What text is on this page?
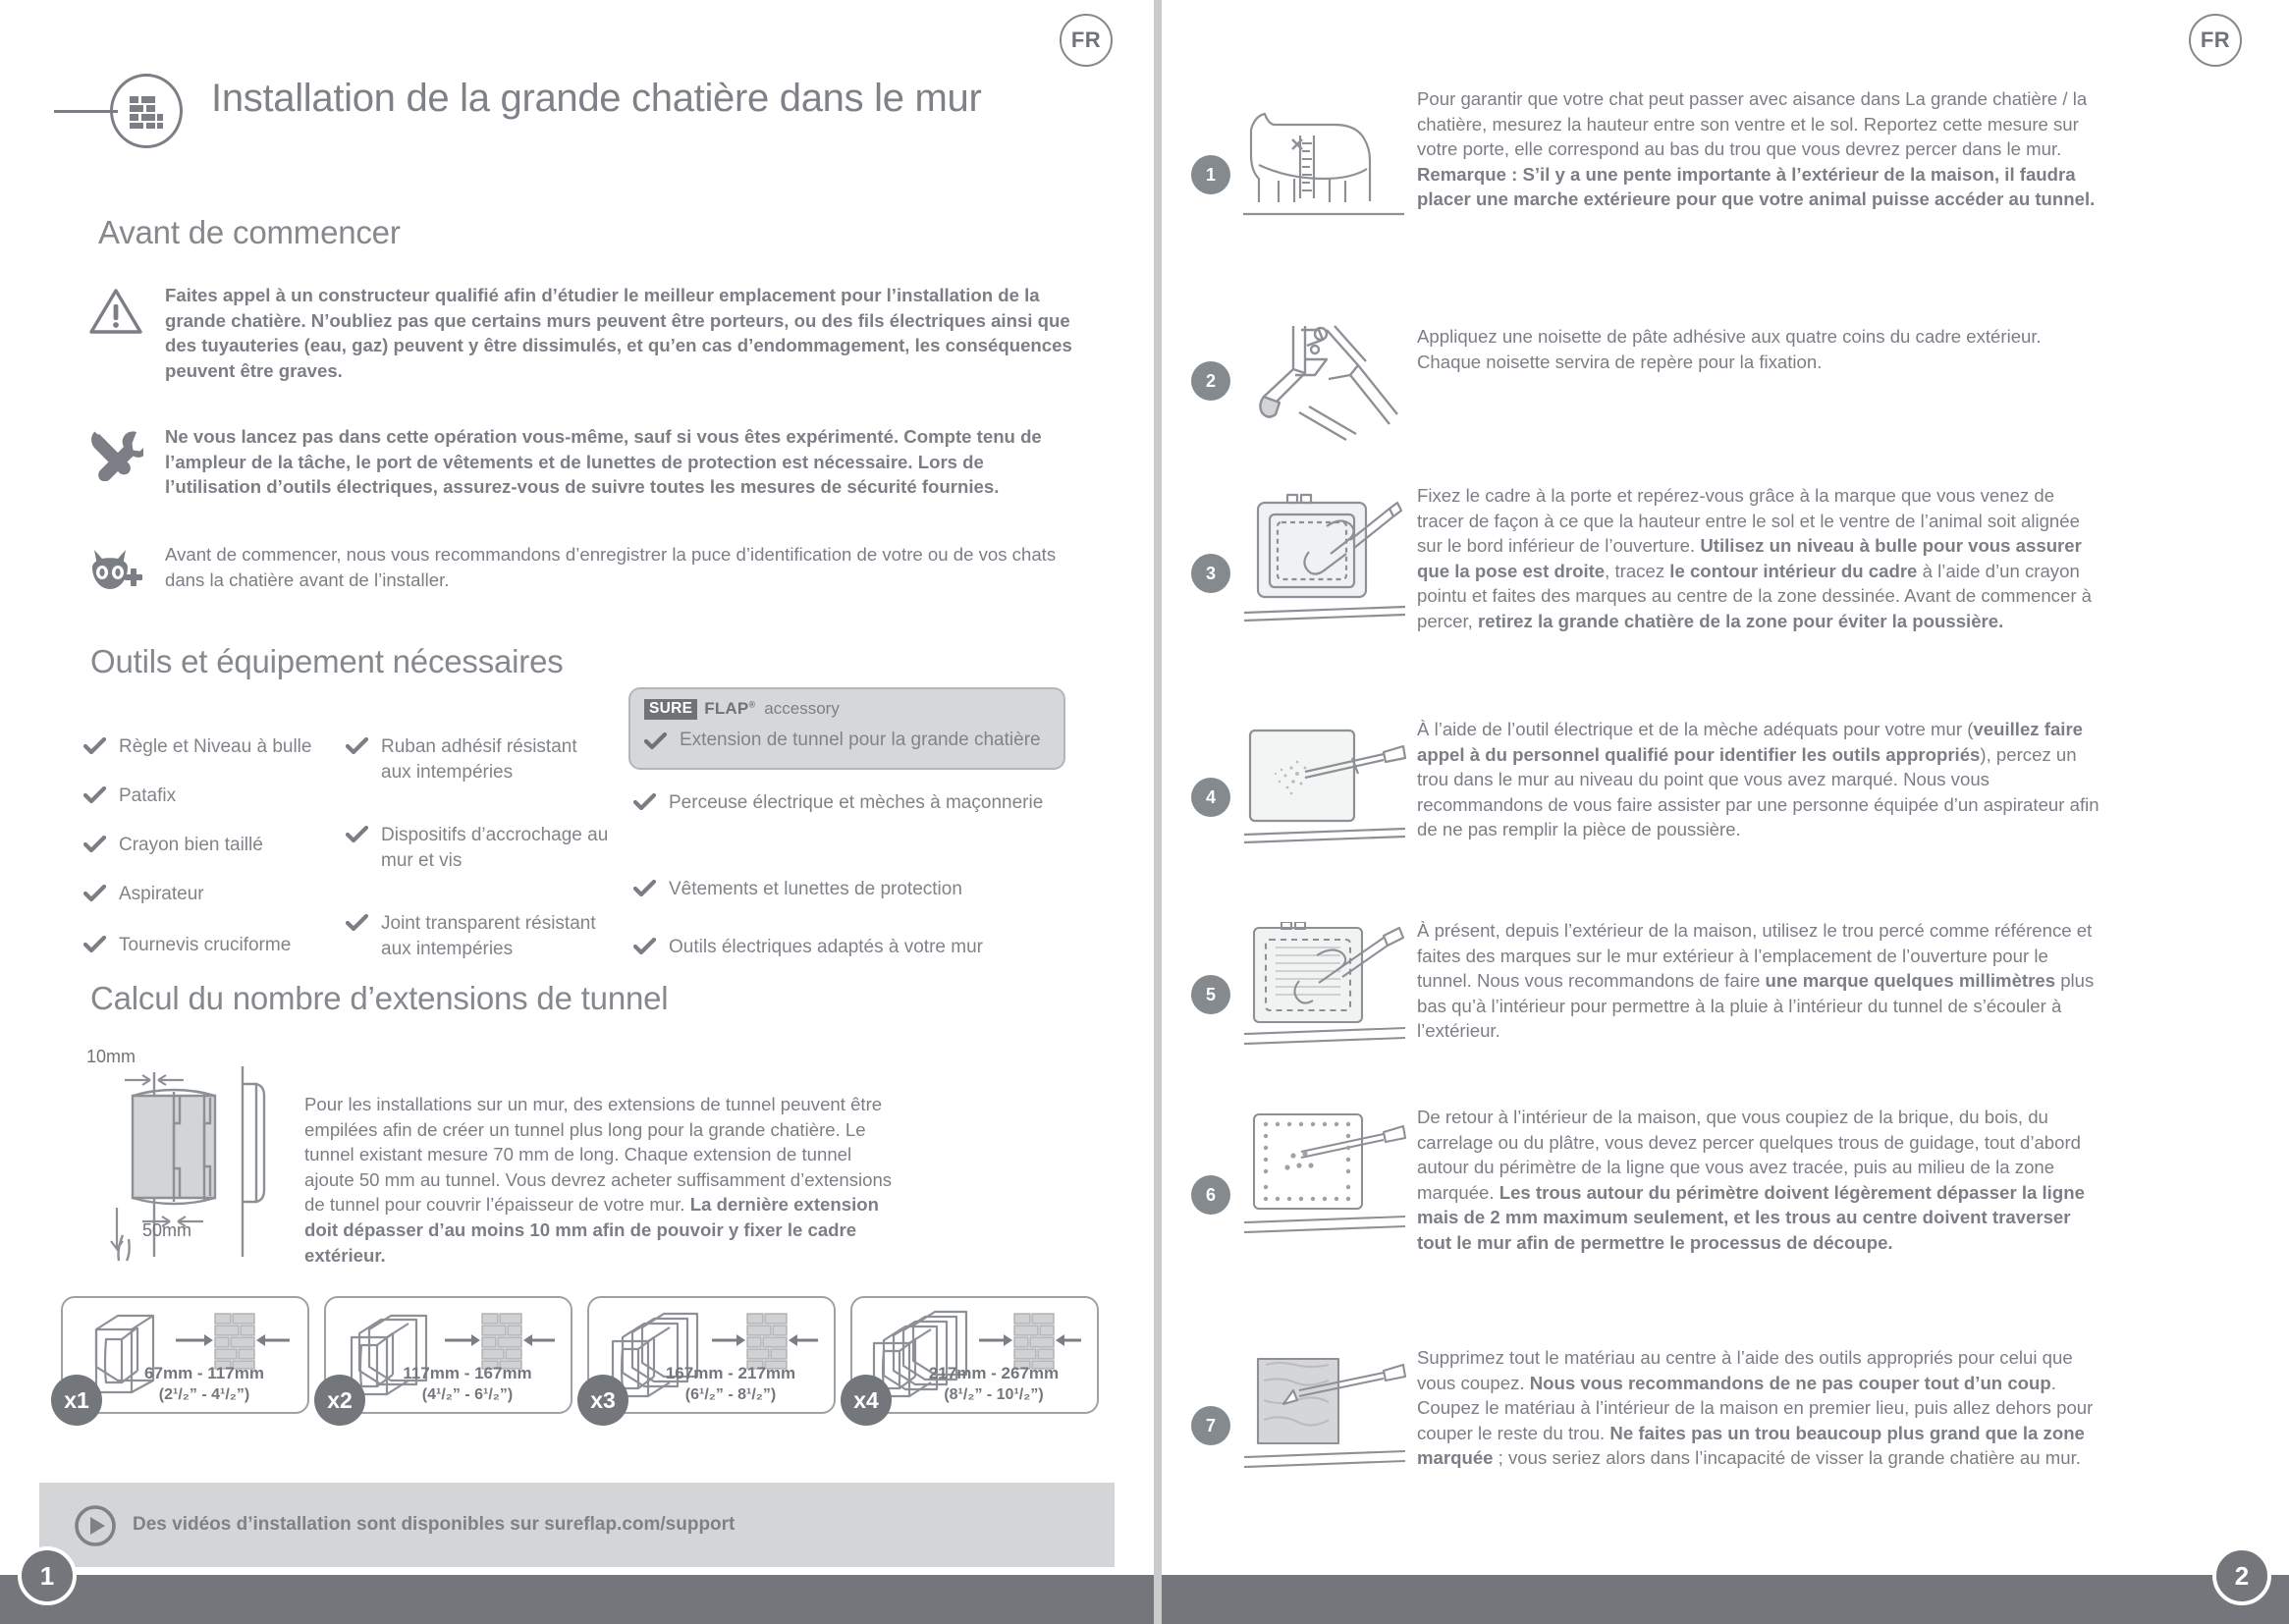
FR
Installation de la grande chatière dans le mur
Avant de commencer
Faites appel à un constructeur qualifié afin d’étudier le meilleur emplacement pour l’installation de la grande chatière. N’oubliez pas que certains murs peuvent être porteurs, ou des fils électriques ainsi que des tuyauteries (eau, gaz) peuvent y être dissimulés, et qu’en cas d’endommagement, les conséquences peuvent être graves.
Ne vous lancez pas dans cette opération vous-même, sauf si vous êtes expérimenté. Compte tenu de l’ampleur de la tâche, le port de vêtements et de lunettes de protection est nécessaire. Lors de l’utilisation d’outils électriques, assurez-vous de suivre toutes les mesures de sécurité fournies.
Avant de commencer, nous vous recommandons d’enregistrer la puce d’identification de votre ou de vos chats dans la chatière avant de l’installer.
Outils et équipement nécessaires
Règle et Niveau à bulle
Patafix
Crayon bien taillé
Aspirateur
Tournevis cruciforme
Ruban adhésif résistant aux intempéries
Dispositifs d’accrochage au mur et vis
Joint transparent résistant aux intempéries
Perceuse électrique et mèches à maçonnerie
Vêtements et lunettes de protection
Outils électriques adaptés à votre mur
SURE FLAP® accessory
Extension de tunnel pour la grande chatière
Calcul du nombre d’extensions de tunnel
10mm
50mm
Pour les installations sur un mur, des extensions de tunnel peuvent être empilées afin de créer un tunnel plus long pour la grande chatière. Le tunnel existant mesure 70 mm de long. Chaque extension de tunnel ajoute 50 mm au tunnel. Vous devrez acheter suffisamment d’extensions de tunnel pour couvrir l’épaisseur de votre mur. La dernière extension doit dépasser d’au moins 10 mm afin de pouvoir y fixer le cadre extérieur.
67mm - 117mm
(2¹/₂” - 4¹/₂”)
x1
117mm - 167mm
(4¹/₂” - 6¹/₂”)
x2
167mm - 217mm
(6¹/₂” - 8¹/₂”)
x3
217mm - 267mm
(8¹/₂” - 10¹/₂”)
x4
Des vidéos d’installation sont disponibles sur sureflap.com/support
1
FR
1
Pour garantir que votre chat peut passer avec aisance dans La grande chatière / la chatière, mesurez la hauteur entre son ventre et le sol. Reportez cette mesure sur votre porte, elle correspond au bas du trou que vous devrez percer dans le mur. Remarque : S’il y a une pente importante à l’extérieur de la maison, il faudra placer une marche extérieure pour que votre animal puisse accéder au tunnel.
2
Appliquez une noisette de pâte adhésive aux quatre coins du cadre extérieur. Chaque noisette servira de repère pour la fixation.
3
Fixez le cadre à la porte et repérez-vous grâce à la marque que vous venez de tracer de façon à ce que la hauteur entre le sol et le ventre de l’animal soit alignée sur le bord inférieur de l’ouverture. Utilisez un niveau à bulle pour vous assurer que la pose est droite, tracez le contour intérieur du cadre à l’aide d’un crayon pointu et faites des marques au centre de la zone dessinée. Avant de commencer à percer, retirez la grande chatière de la zone pour éviter la poussière.
4
À l’aide de l’outil électrique et de la mèche adéquats pour votre mur (veuillez faire appel à du personnel qualifié pour identifier les outils appropriés), percez un trou dans le mur au niveau du point que vous avez marqué. Nous vous recommandons de vous faire assister par une personne équipée d’un aspirateur afin de ne pas remplir la pièce de poussière.
5
À présent, depuis l’extérieur de la maison, utilisez le trou percé comme référence et faites des marques sur le mur extérieur à l’emplacement de l’ouverture pour le tunnel. Nous vous recommandons de faire une marque quelques millimètres plus bas qu’à l’intérieur pour permettre à la pluie à l’intérieur du tunnel de s’écouler à l’extérieur.
6
De retour à l’intérieur de la maison, que vous coupiez de la brique, du bois, du carrelage ou du plâtre, vous devez percer quelques trous de guidage, tout d’abord autour du périmètre de la ligne que vous avez tracée, puis au milieu de la zone marquée. Les trous autour du périmètre doivent légèrement dépasser la ligne mais de 2 mm maximum seulement, et les trous au centre doivent traverser tout le mur afin de permettre le processus de découpe.
7
Supprimez tout le matériau au centre à l’aide des outils appropriés pour celui que vous coupez. Nous vous recommandons de ne pas couper tout d’un coup. Coupez le matériau à l’intérieur de la maison en premier lieu, puis allez dehors pour couper le reste du trou. Ne faites pas un trou beaucoup plus grand que la zone marquée ; vous seriez alors dans l’incapacité de visser la grande chatière au mur.
2
